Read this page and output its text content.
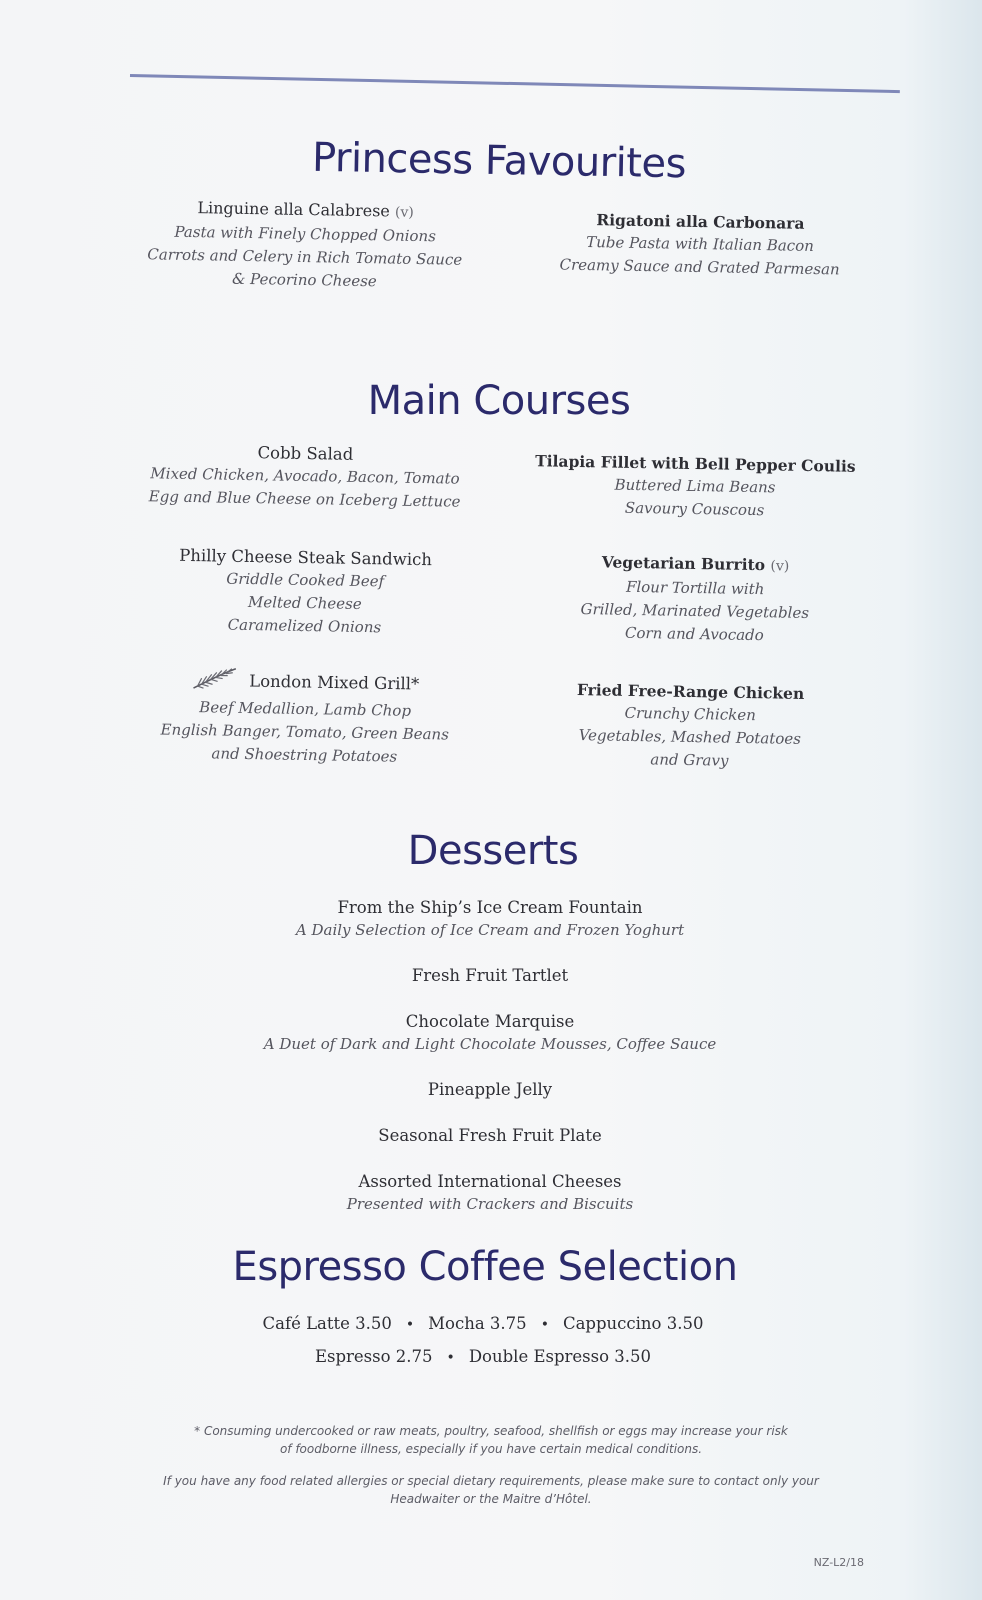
Princess Favourites
Linguine alla Calabrese (v)
Pasta with Finely Chopped Onions
Carrots and Celery in Rich Tomato Sauce
& Pecorino Cheese
Rigatoni alla Carbonara
Tube Pasta with Italian Bacon
Creamy Sauce and Grated Parmesan
Main Courses
Cobb Salad
Mixed Chicken, Avocado, Bacon, Tomato
Egg and Blue Cheese on Iceberg Lettuce
Tilapia Fillet with Bell Pepper Coulis
Buttered Lima Beans
Savoury Couscous
Philly Cheese Steak Sandwich
Griddle Cooked Beef
Melted Cheese
Caramelized Onions
Vegetarian Burrito (v)
Flour Tortilla with
Grilled, Marinated Vegetables
Corn and Avocado
London Mixed Grill*
Beef Medallion, Lamb Chop
English Banger, Tomato, Green Beans
and Shoestring Potatoes
Fried Free-Range Chicken
Crunchy Chicken
Vegetables, Mashed Potatoes
and Gravy
Desserts
From the Ship’s Ice Cream Fountain
A Daily Selection of Ice Cream and Frozen Yoghurt
Fresh Fruit Tartlet
Chocolate Marquise
A Duet of Dark and Light Chocolate Mousses, Coffee Sauce
Pineapple Jelly
Seasonal Fresh Fruit Plate
Assorted International Cheeses
Presented with Crackers and Biscuits
Espresso Coffee Selection
Café Latte 3.50 • Mocha 3.75 • Cappuccino 3.50
Espresso 2.75 • Double Espresso 3.50
* Consuming undercooked or raw meats, poultry, seafood, shellfish or eggs may increase your risk
of foodborne illness, especially if you have certain medical conditions.
If you have any food related allergies or special dietary requirements, please make sure to contact only your
Headwaiter or the Maitre d’Hôtel.
NZ-L2/18
